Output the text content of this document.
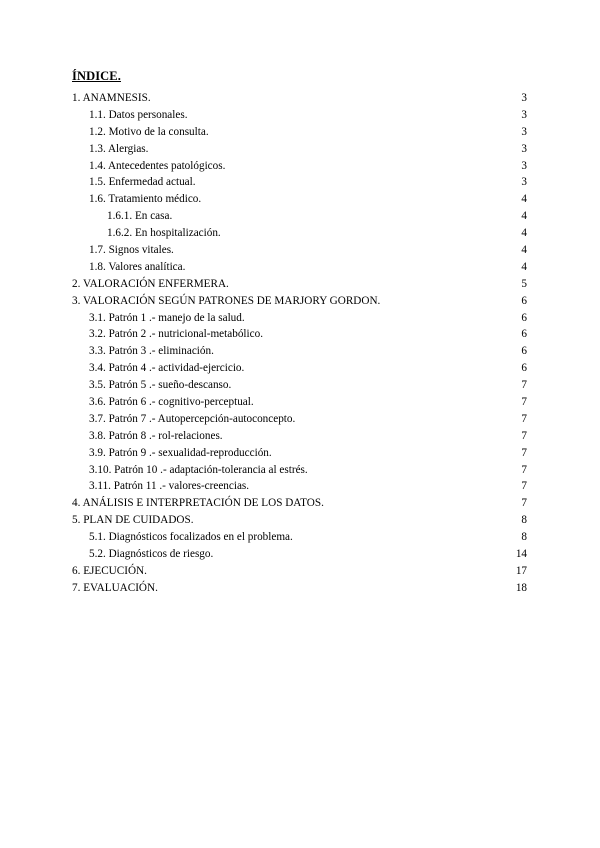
ÍNDICE.
1. ANAMNESIS.	3
1.1. Datos personales.	3
1.2. Motivo de la consulta.	3
1.3. Alergias.	3
1.4. Antecedentes patológicos.	3
1.5. Enfermedad actual.	3
1.6. Tratamiento médico.	4
1.6.1. En casa.	4
1.6.2. En hospitalización.	4
1.7. Signos vitales.	4
1.8. Valores analítica.	4
2. VALORACIÓN ENFERMERA.	5
3. VALORACIÓN SEGÚN PATRONES DE MARJORY GORDON.	6
3.1. Patrón 1 .- manejo de la salud.	6
3.2. Patrón 2 .- nutricional-metabólico.	6
3.3. Patrón 3 .- eliminación.	6
3.4. Patrón 4 .- actividad-ejercicio.	6
3.5. Patrón 5 .- sueño-descanso.	7
3.6. Patrón 6 .- cognitivo-perceptual.	7
3.7. Patrón 7 .- Autopercepción-autoconcepto.	7
3.8. Patrón 8 .- rol-relaciones.	7
3.9. Patrón 9 .- sexualidad-reproducción.	7
3.10. Patrón 10 .- adaptación-tolerancia al estrés.	7
3.11. Patrón 11 .- valores-creencias.	7
4. ANÁLISIS E INTERPRETACIÓN DE LOS DATOS.	7
5. PLAN DE CUIDADOS.	8
5.1. Diagnósticos focalizados en el problema.	8
5.2. Diagnósticos de riesgo.	14
6. EJECUCIÓN.	17
7. EVALUACIÓN.	18
